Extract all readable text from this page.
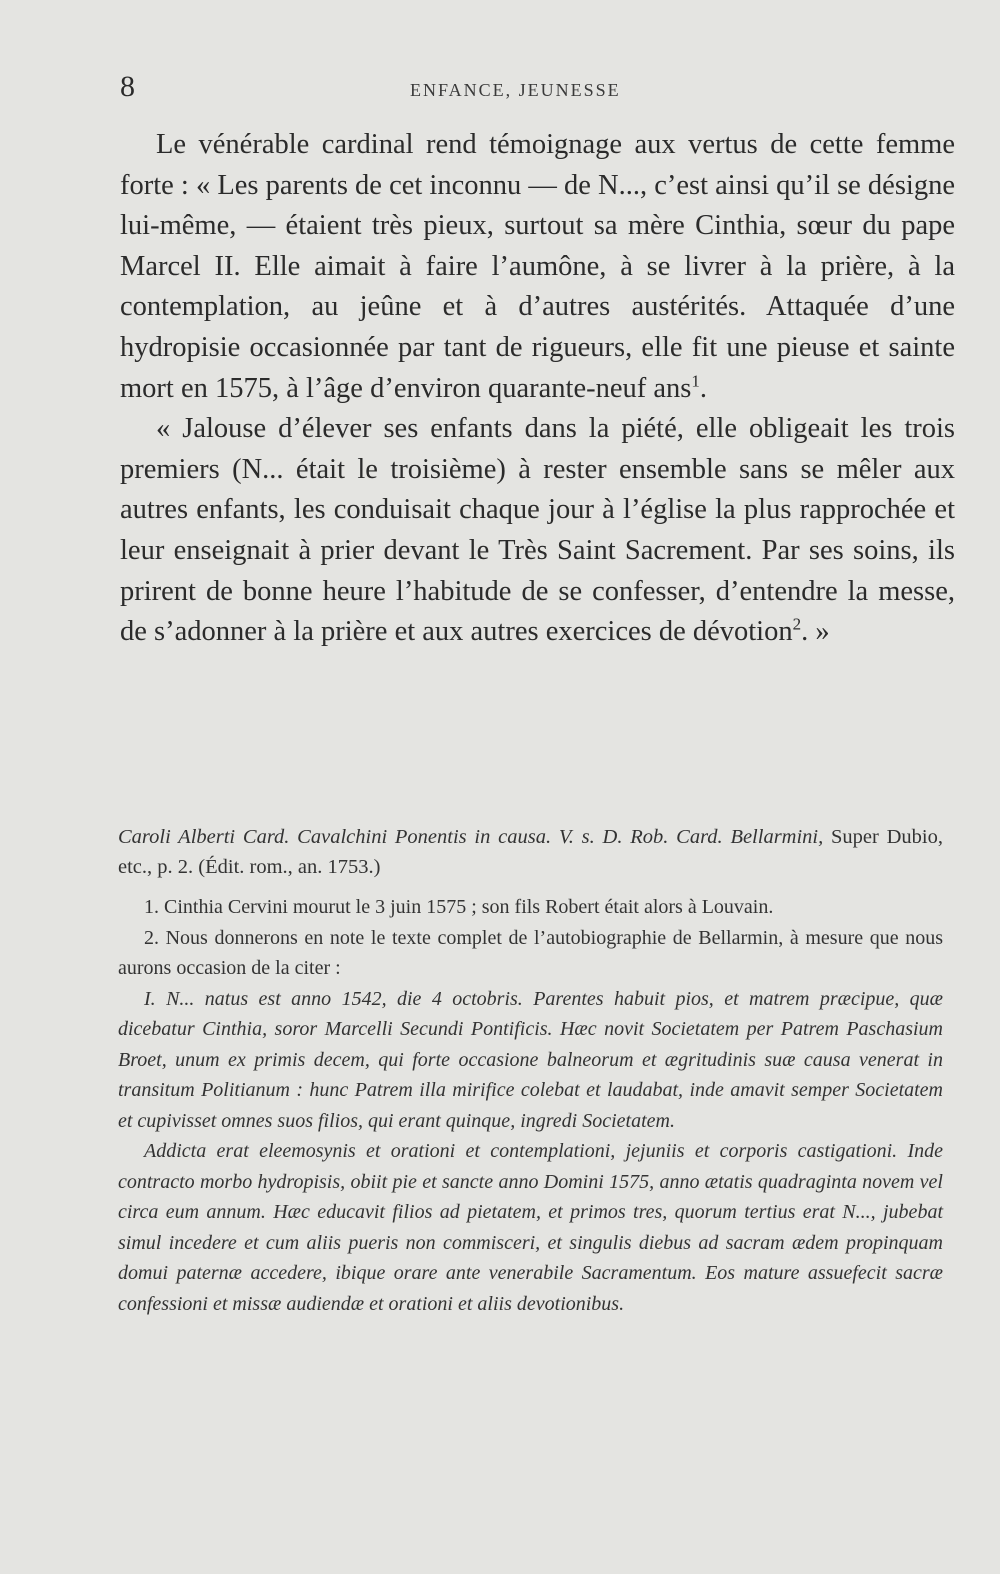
8	ENFANCE, JEUNESSE

Le vénérable cardinal rend témoignage aux vertus de cette femme forte : « Les parents de cet inconnu — de N..., c’est ainsi qu’il se désigne lui-même, — étaient très pieux, surtout sa mère Cinthia, sœur du pape Marcel II. Elle aimait à faire l’aumône, à se livrer à la prière, à la contemplation, au jeûne et à d’autres austérités. Attaquée d’une hydropisie occasionnée par tant de rigueurs, elle fit une pieuse et sainte mort en 1575, à l’âge d’environ quarante-neuf ans$^1$.

« Jalouse d’élever ses enfants dans la piété, elle obligeait les trois premiers (N... était le troisième) à rester ensemble sans se mêler aux autres enfants, les conduisait chaque jour à l’église la plus rapprochée et leur enseignait à prier devant le Très Saint Sacrement. Par ses soins, ils prirent de bonne heure l’habitude de se confesser, d’entendre la messe, de s’adonner à la prière et aux autres exercices de dévotion$^2$. »

Caroli Alberti Card. Cavalchini Ponentis in causa. V. s. D. Rob. Card. Bellarmini, Super Dubio, etc., p. 2. (Édit. rom., an. 1753.)

1. Cinthia Cervini mourut le 3 juin 1575 ; son fils Robert était alors à Louvain.

2. Nous donnerons en note le texte complet de l’autobiographie de Bellarmin, à mesure que nous aurons occasion de la citer :

I. N... natus est anno 1542, die 4 octobris. Parentes habuit pios, et matrem præcipue, quæ dicebatur Cinthia, soror Marcelli Secundi Pontificis. Hæc novit Societatem per Patrem Paschasium Broet, unum ex primis decem, qui forte occasione balneorum et ægritudinis suæ causa venerat in transitum Politianum : hunc Patrem illa mirifice colebat et laudabat, inde amavit semper Societatem et cupivisset omnes suos filios, qui erant quinque, ingredi Societatem.

Addicta erat eleemosynis et orationi et contemplationi, jejuniis et corporis castigationi. Inde contracto morbo hydropisis, obiit pie et sancte anno Domini 1575, anno ætatis quadraginta novem vel circa eum annum. Hæc educavit filios ad pietatem, et primos tres, quorum tertius erat N..., jubebat simul incedere et cum aliis pueris non commisceri, et singulis diebus ad sacram ædem propinquam domui paternæ accedere, ibique orare ante venerabile Sacramentum. Eos mature assuefecit sacræ confessioni et missæ audiendæ et orationi et aliis devotionibus.
